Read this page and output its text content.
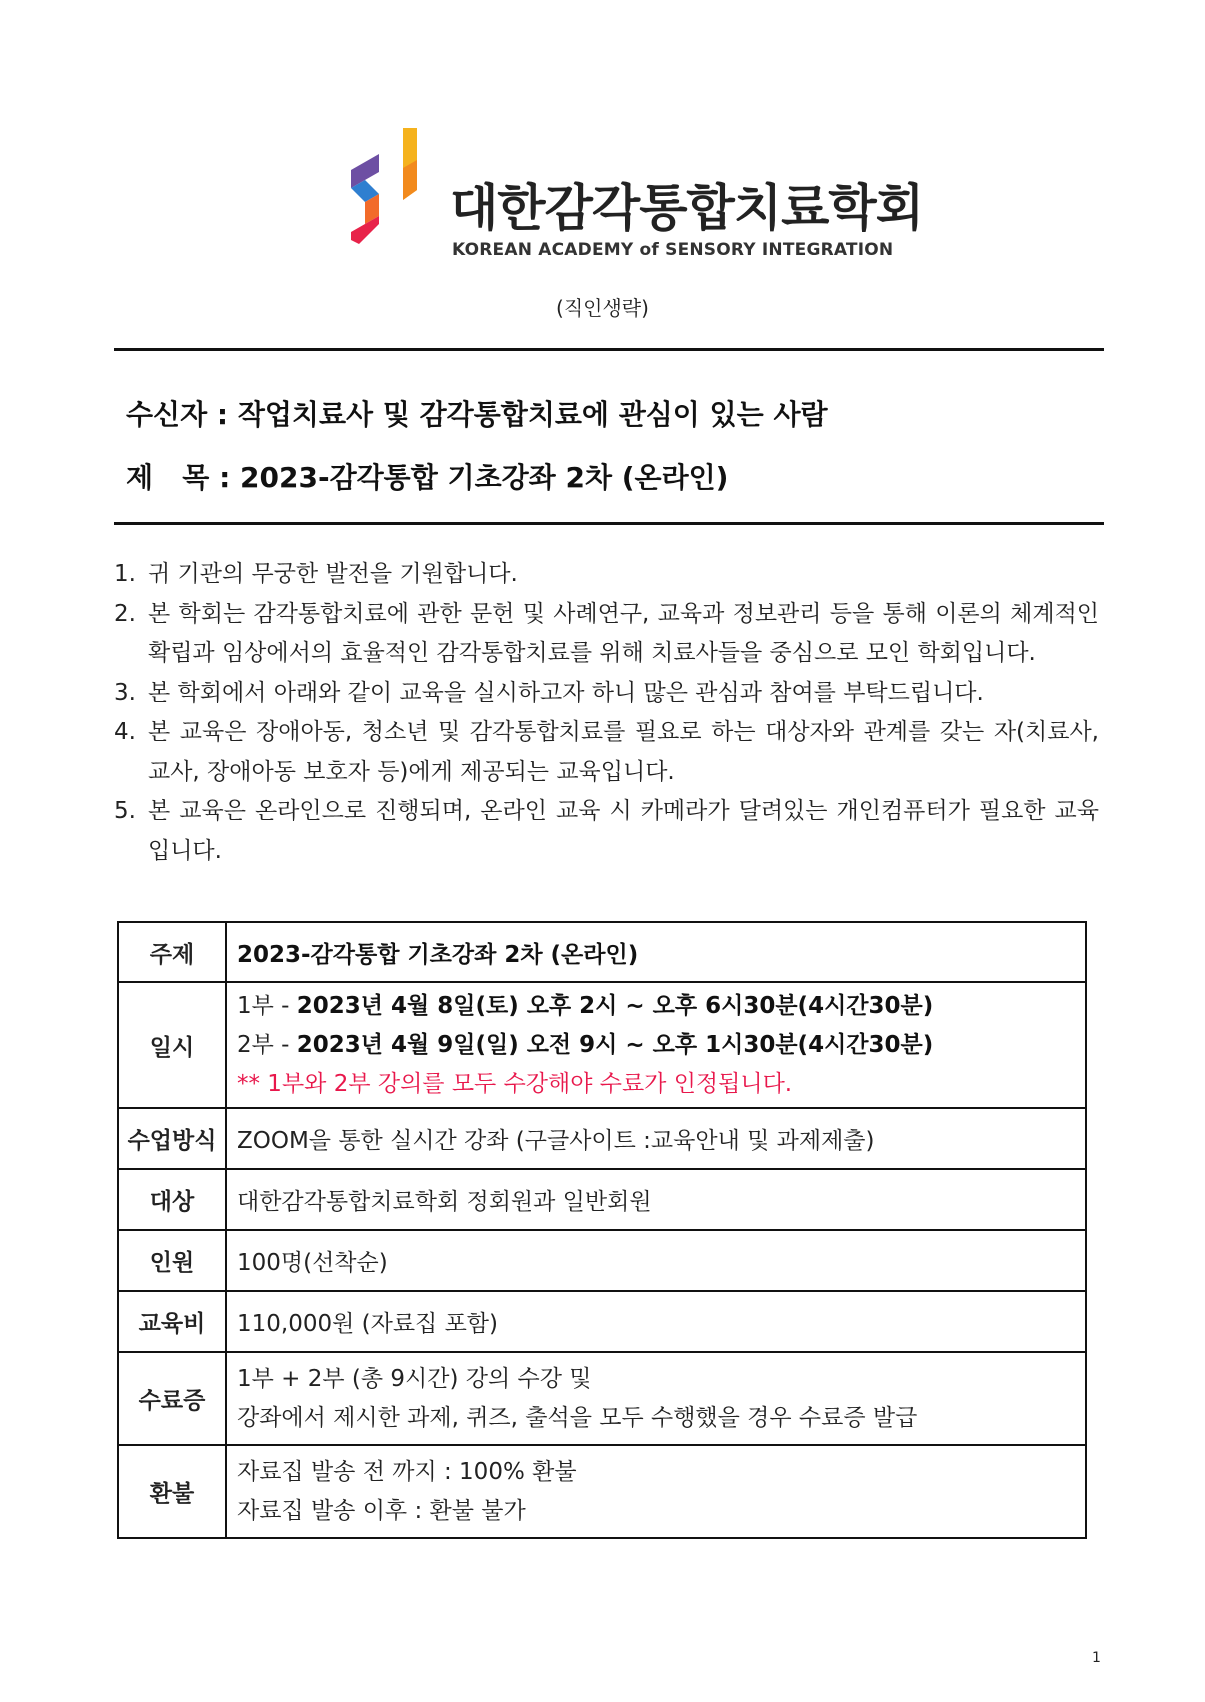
대한감각통합치료학회
KOREAN ACADEMY of SENSORY INTEGRATION
(직인생략)
수신자 : 작업치료사 및 감각통합치료에 관심이 있는 사람
제   목 : 2023-감각통합 기초강좌 2차 (온라인)
1. 귀 기관의 무궁한 발전을 기원합니다.
2. 본 학회는 감각통합치료에 관한 문헌 및 사례연구, 교육과 정보관리 등을 통해 이론의 체계적인 확립과 임상에서의 효율적인 감각통합치료를 위해 치료사들을 중심으로 모인 학회입니다.
3. 본 학회에서 아래와 같이 교육을 실시하고자 하니 많은 관심과 참여를 부탁드립니다.
4. 본 교육은 장애아동, 청소년 및 감각통합치료를 필요로 하는 대상자와 관계를 갖는 자(치료사, 교사, 장애아동 보호자 등)에게 제공되는 교육입니다.
5. 본 교육은 온라인으로 진행되며, 온라인 교육 시 카메라가 달려있는 개인컴퓨터가 필요한 교육입니다.
주제	2023-감각통합 기초강좌 2차 (온라인)
일시	1부 - 2023년 4월 8일(토) 오후 2시 ~ 오후 6시30분(4시간30분)
2부 - 2023년 4월 9일(일) 오전 9시 ~ 오후 1시30분(4시간30분)
** 1부와 2부 강의를 모두 수강해야 수료가 인정됩니다.

수업방식	ZOOM을 통한 실시간 강좌 (구글사이트 :교육안내 및 과제제출)
대상	대한감각통합치료학회 정회원과 일반회원
인원	100명(선착순)
교육비	110,000원 (자료집 포함)
수료증	1부 + 2부 (총 9시간) 강의 수강 및
강좌에서 제시한 과제, 퀴즈, 출석을 모두 수행했을 경우 수료증 발급

환불	자료집 발송 전 까지 : 100% 환불
자료집 발송 이후 : 환불 불가
1
